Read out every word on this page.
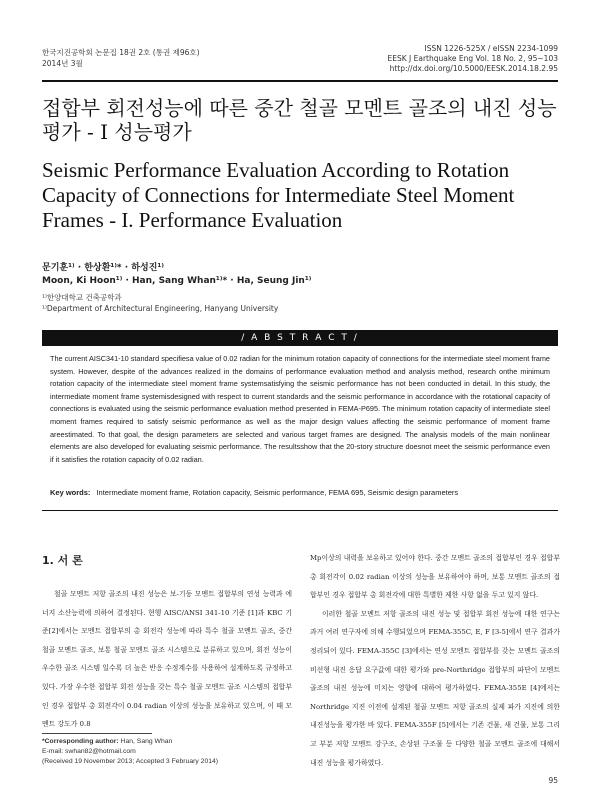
한국지진공학회 논문집 18권 2호 (통권 제96호)
2014년 3월
ISSN 1226-525X / eISSN 2234-1099
EESK J Earthquake Eng Vol. 18 No. 2, 95~103
http://dx.doi.org/10.5000/EESK.2014.18.2.95
접합부 회전성능에 따른 중간 철골 모멘트 골조의 내진 성능 평가 - Ⅰ 성능평가
Seismic Performance Evaluation According to Rotation Capacity of Connections for Intermediate Steel Moment Frames - I. Performance Evaluation
문기훈¹⁾ · 한상환¹⁾* · 하성진¹⁾
Moon, Ki Hoon¹⁾ · Han, Sang Whan¹⁾* · Ha, Seung Jin¹⁾
¹⁾한양대학교 건축공학과
¹⁾Department of Architectural Engineering, Hanyang University
/ A B S T R A C T /
The current AISC341-10 standard specifiesa value of 0.02 radian for the minimum rotation capacity of connections for the intermediate steel moment frame system. However, despite of the advances realized in the domains of performance evaluation method and analysis method, research onthe minimum rotation capacity of the intermediate steel moment frame systemsatisfying the seismic performance has not been conducted in detail. In this study, the intermediate moment frame systemisdesigned with respect to current standards and the seismic performance in accordance with the rotational capacity of connections is evaluated using the seismic performance evaluation method presented in FEMA-P695. The minimum rotation capacity of intermediate steel moment frames required to satisfy seismic performance as well as the major design values affecting the seismic performance of moment frame areestimated. To that goal, the design parameters are selected and various target frames are designed. The analysis models of the main nonlinear elements are also developed for evaluating seismic performance. The resultsshow that the 20-story structure doesnot meet the seismic performance even if it satisfies the rotation capacity of 0.02 radian.
Key words: Intermediate moment frame, Rotation capacity, Seismic performance, FEMA 695, Seismic design parameters
1. 서 론

철골 모멘트 저항 골조의 내진 성능은 보-기둥 모멘트 접합부의 연성 능력과 에너지 소산능력에 의하여 결정된다. 현행 AISC/ANSI 341-10 기준 [1]과 KBC 기준[2]에서는 모멘트 접합부의 총 회전각 성능에 따라 특수 철골 모멘트 골조, 중간 철골 모멘트 골조, 보통 철골 모멘트 골조 시스템으로 분류하고 있으며, 회전 성능이 우수한 골조 시스템 일수록 더 높은 반응 수정계수를 사용하여 설계하도록 규정하고 있다. 가장 우수한 접합부 회전 성능을 갖는 특수 철골 모멘트 골조 시스템의 접합부인 경우 접합부 총 회전각이 0.04 radian 이상의 성능을 보유하고 있으며, 이 때 모멘트 강도가 0.8

Mp이상의 내력을 보유하고 있어야 한다. 중간 모멘트 골조의 접합부인 경우 접합부 총 회전각이 0.02 radian 이상의 성능을 보유하여야 하며, 보통 모멘트 골조의 접합부인 경우 접합부 총 회전각에 대한 특별한 제한 사항 없을 두고 있지 않다.

이러한 철골 모멘트 저항 골조의 내진 성능 및 접합부 회전 성능에 대한 연구는 과거 여러 연구자에 의해 수행되었으며 FEMA-355C, E, F [3-5]에서 연구 결과가 정리되어 있다. FEMA-355C [3]에서는 연성 모멘트 접합부를 갖는 모멘트 골조의 비선형 내진 응답 요구값에 대한 평가와 pre-Northridge 접합부의 파단이 모멘트 골조의 내진 성능에 미치는 영향에 대하여 평가하였다. FEMA-355E [4]에서는 Northridge 지진 이전에 설계된 철골 모멘트 저항 골조의 실제 파가 지진에 의한 내진성능을 평가한 바 있다. FEMA-355F [5]에서는 기존 건물, 새 건물, 보통 그리고 부분 저항 모멘트 강구조, 손상된 구조물 등 다양한 철골 모멘트 골조에 대해서 내진 성능을 평가하였다.

*Corresponding author: Han, Sang Whan
E-mail: swhan82@hotmail.com
(Received 19 November 2013; Accepted 3 February 2014)
95
